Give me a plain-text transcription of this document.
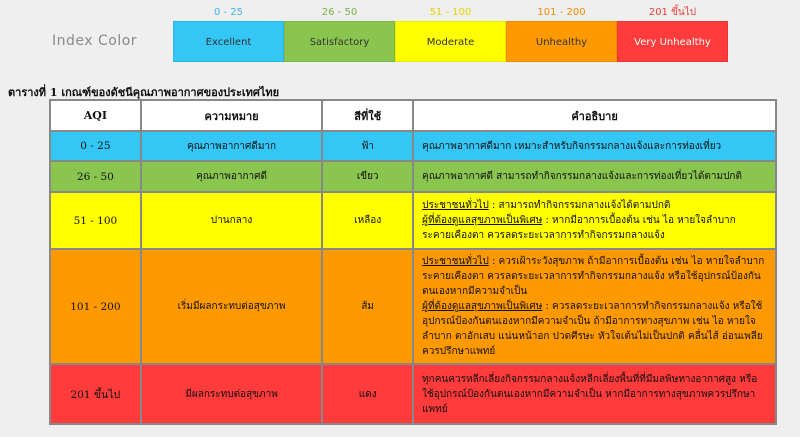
Index Color
0 - 25
Excellent
26 - 50
Satisfactory
51 - 100
Moderate
101 - 200
Unhealthy
201 ขึ้นไป
Very Unhealthy
ตารางที่ 1 เกณฑ์ของดัชนีคุณภาพอากาศของประเทศไทย
AQI	ความหมาย	สีที่ใช้	คำอธิบาย
0 - 25	คุณภาพอากาศดีมาก	ฟ้า	คุณภาพอากาศดีมาก เหมาะสำหรับกิจกรรมกลางแจ้งและการท่องเที่ยว
26 - 50	คุณภาพอากาศดี	เขียว	คุณภาพอากาศดี สามารถทำกิจกรรมกลางแจ้งและการท่องเที่ยวได้ตามปกติ
51 - 100	ปานกลาง	เหลือง	ประชาชนทั่วไป : สามารถทำกิจกรรมกลางแจ้งได้ตามปกติ
ผู้ที่ต้องดูแลสุขภาพเป็นพิเศษ : หากมีอาการเบื้องต้น เช่น ไอ หายใจลำบาก ระคายเคืองตา ควรลดระยะเวลาการทำกิจกรรมกลางแจ้ง
101 - 200	เริ่มมีผลกระทบต่อสุขภาพ	ส้ม	ประชาชนทั่วไป : ควรเฝ้าระวังสุขภาพ ถ้ามีอาการเบื้องต้น เช่น ไอ หายใจลำบาก ระคายเคืองตา ควรลดระยะเวลาการทำกิจกรรมกลางแจ้ง หรือใช้อุปกรณ์ป้องกันตนเองหากมีความจำเป็น
ผู้ที่ต้องดูแลสุขภาพเป็นพิเศษ : ควรลดระยะเวลาการทำกิจกรรมกลางแจ้ง หรือใช้อุปกรณ์ป้องกันตนเองหากมีความจำเป็น ถ้ามีอาการทางสุขภาพ เช่น ไอ หายใจลำบาก ตาอักเสบ แน่นหน้าอก ปวดศีรษะ หัวใจเต้นไม่เป็นปกติ คลื่นไส้ อ่อนเพลีย ควรปรึกษาแพทย์
201 ขึ้นไป	มีผลกระทบต่อสุขภาพ	แดง	ทุกคนควรหลีกเลี่ยงกิจกรรมกลางแจ้งหลีกเลี่ยงพื้นที่ที่มีมลพิษทางอากาศสูง หรือใช้อุปกรณ์ป้องกันตนเองหากมีความจำเป็น หากมีอาการทางสุขภาพควรปรึกษาแพทย์
